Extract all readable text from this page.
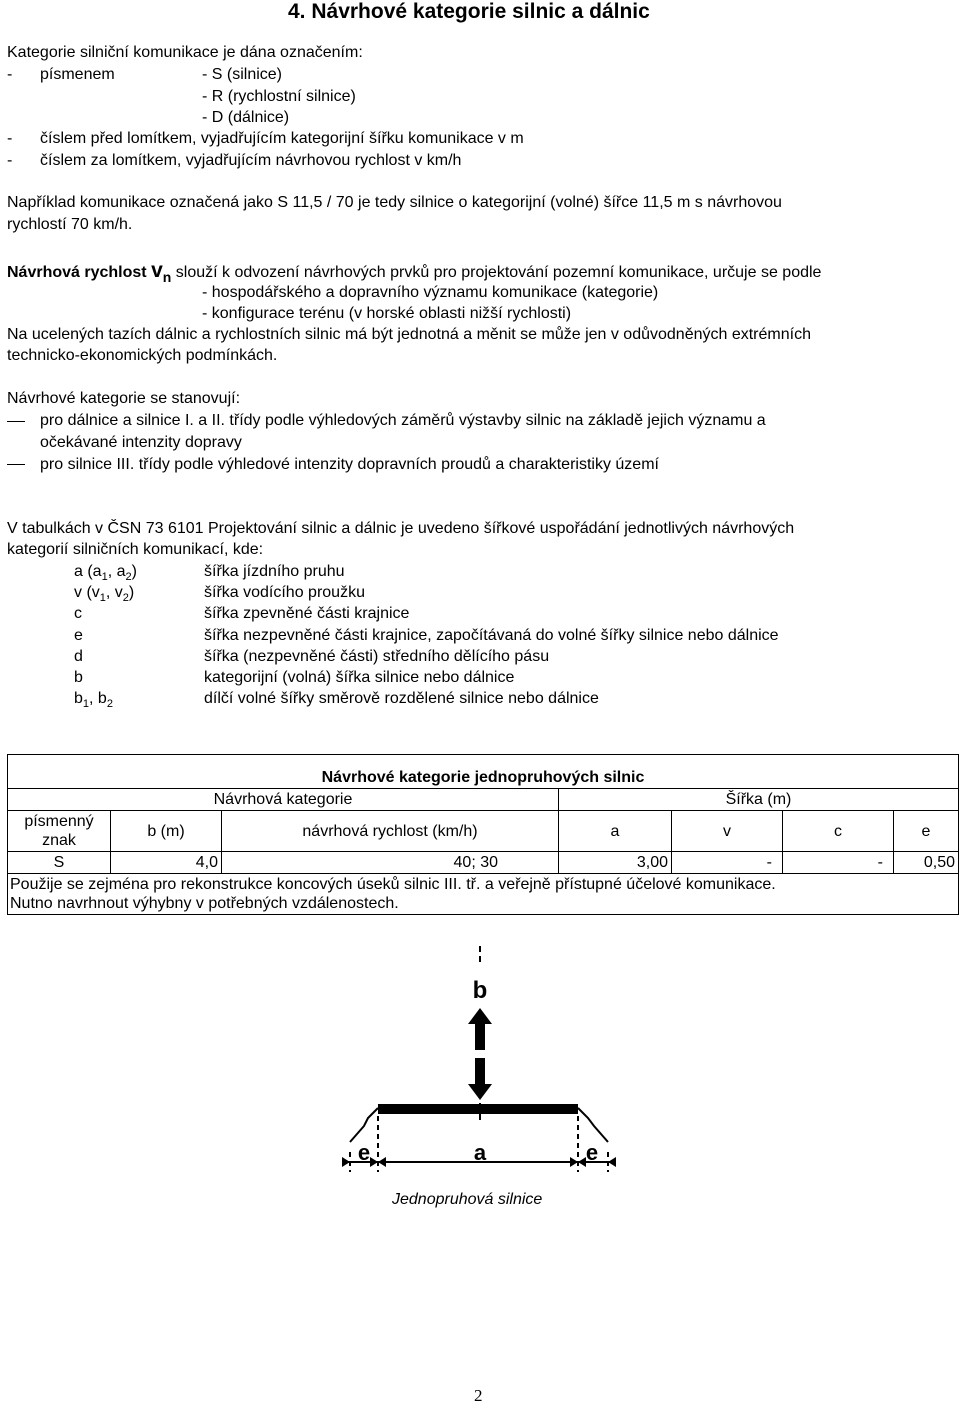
4. Návrhové kategorie silnic a dálnic
Kategorie silniční komunikace je dána označením:
- písmenem	- S (silnice)
- R (rychlostní silnice)
- D (dálnice)
- číslem před lomítkem, vyjadřujícím kategorijní šířku komunikace v m
- číslem za lomítkem, vyjadřujícím návrhovou rychlost v km/h
Například komunikace označená jako S 11,5 / 70 je tedy silnice o kategorijní (volné) šířce 11,5 m s návrhovou
rychlostí 70 km/h.
Návrhová rychlost $v_n$ slouží k odvození návrhových prvků pro projektování pozemní komunikace, určuje se podle
- hospodářského a dopravního významu komunikace (kategorie)
- konfigurace terénu (v horské oblasti nižší rychlosti)
Na ucelených tazích dálnic a rychlostních silnic má být jednotná a měnit se může jen v odůvodněných extrémních
technicko-ekonomických podmínkách.
Návrhové kategorie se stanovují:
pro dálnice a silnice I. a II. třídy podle výhledových záměrů výstavby silnic na základě jejich významu a
očekávané intenzity dopravy
pro silnice III. třídy podle výhledové intenzity dopravních proudů a charakteristiky území
V tabulkách v ČSN 73 6101 Projektování silnic a dálnic je uvedeno šířkové uspořádání jednotlivých návrhových
kategorií silničních komunikací, kde:
a ($a_1$, $a_2$)	šířka jízdního pruhu
v ($v_1$, $v_2$)	šířka vodícího proužku
c	šířka zpevněné části krajnice
e	šířka nezpevněné části krajnice, započítávaná do volné šířky silnice nebo dálnice
d	šířka (nezpevněné části) středního dělícího pásu
b	kategorijní (volná) šířka silnice nebo dálnice
$b_1$, $b_2$	dílčí volné šířky směrově rozdělené silnice nebo dálnice
Návrhové kategorie jednopruhových silnic						
Návrhová kategorie			Šířka (m)			
písmenný
znak	b (m)	návrhová rychlost (km/h)	a	v	c	e
S	4,0	40; 30	3,00	-	-	0,50
Použije se zejména pro rekonstrukce koncových úseků silnic III. tř. a veřejně přístupné účelové komunikace.
Nutno navrhnout výhybny v potřebných vzdálenostech.						
b
e	a	e
Jednopruhová silnice
2
